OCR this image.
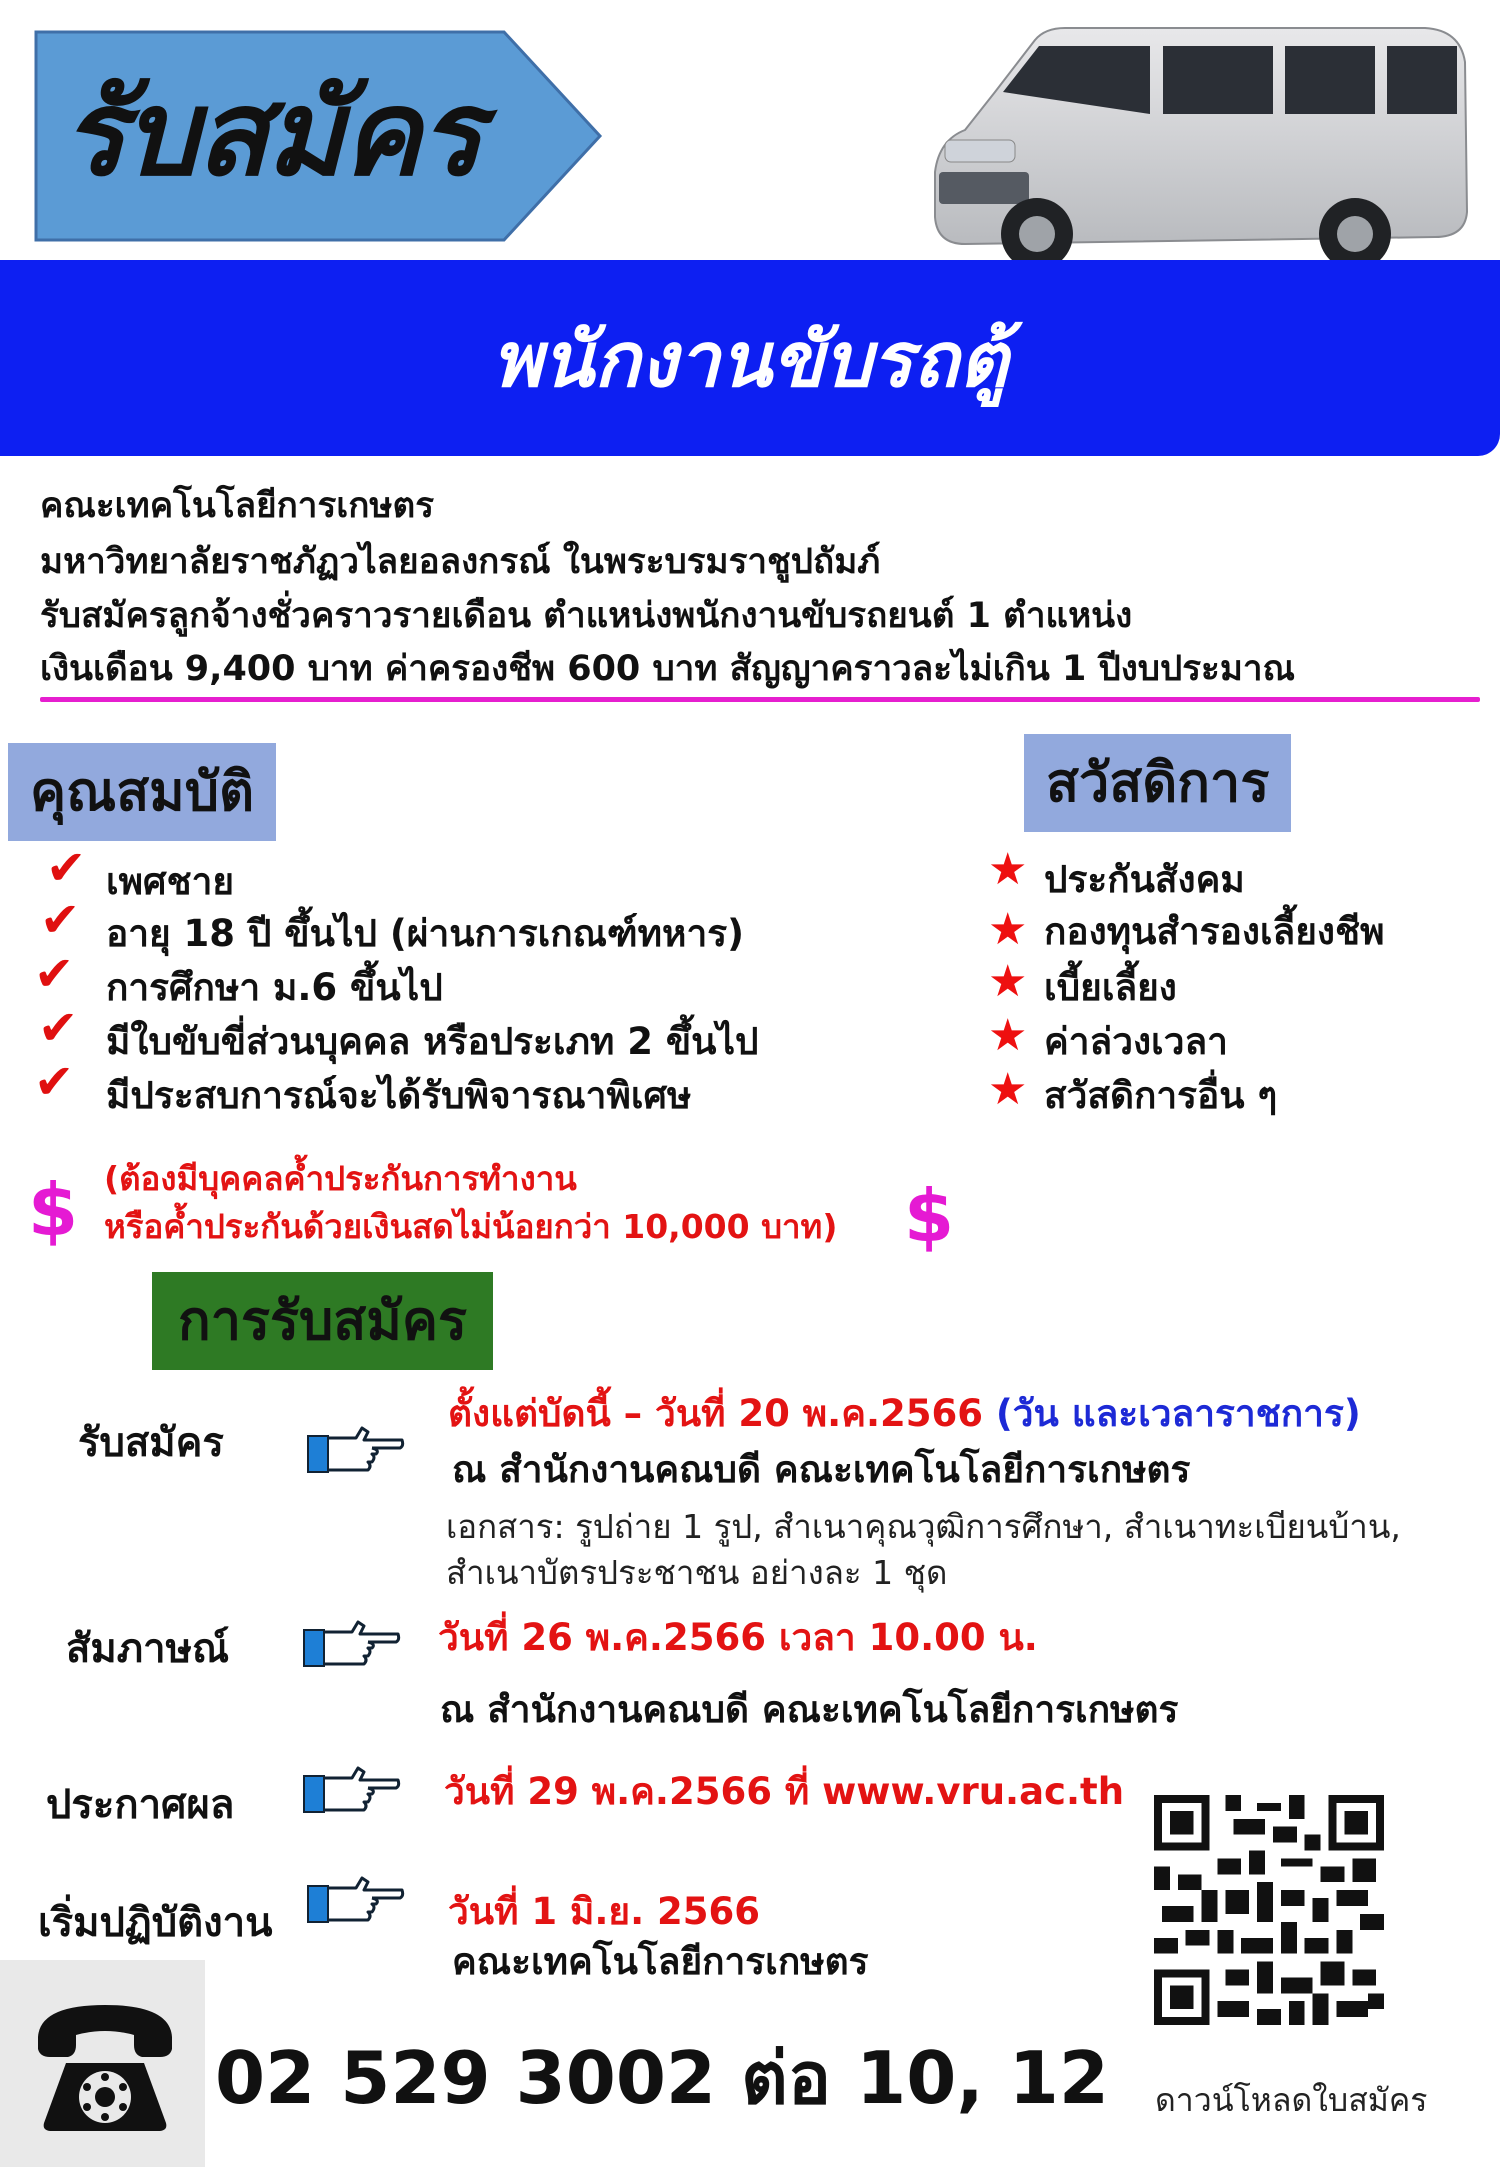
รับสมัคร
พนักงานขับรถตู้
คณะเทคโนโลยีการเกษตร
มหาวิทยาลัยราชภัฏวไลยอลงกรณ์ ในพระบรมราชูปถัมภ์
รับสมัครลูกจ้างชั่วคราวรายเดือน ตำแหน่งพนักงานขับรถยนต์ 1 ตำแหน่ง
เงินเดือน 9,400 บาท ค่าครองชีพ 600 บาท สัญญาคราวละไม่เกิน 1 ปีงบประมาณ
คุณสมบัติ
✔ เพศชาย
✔ อายุ 18 ปี ขึ้นไป (ผ่านการเกณฑ์ทหาร)
✔ การศึกษา ม.6 ขึ้นไป
✔ มีใบขับขี่ส่วนบุคคล หรือประเภท 2 ขึ้นไป
✔ มีประสบการณ์จะได้รับพิจารณาพิเศษ
สวัสดิการ
★ ประกันสังคม
★ กองทุนสำรองเลี้ยงชีพ
★ เบี้ยเลี้ยง
★ ค่าล่วงเวลา
★ สวัสดิการอื่น ๆ
$ (ต้องมีบุคคลค้ำประกันการทำงาน
หรือค้ำประกันด้วยเงินสดไม่น้อยกว่า 10,000 บาท) $
การรับสมัคร
รับสมัคร
ตั้งแต่บัดนี้ – วันที่ 20 พ.ค.2566 (วัน และเวลาราชการ)
ณ สำนักงานคณบดี คณะเทคโนโลยีการเกษตร
เอกสาร: รูปถ่าย 1 รูป, สำเนาคุณวุฒิการศึกษา, สำเนาทะเบียนบ้าน,
สำเนาบัตรประชาชน อย่างละ 1 ชุด
สัมภาษณ์	วันที่ 26 พ.ค.2566 เวลา 10.00 น.
ณ สำนักงานคณบดี คณะเทคโนโลยีการเกษตร
ประกาศผล	วันที่ 29 พ.ค.2566 ที่ www.vru.ac.th
เริ่มปฏิบัติงาน	วันที่ 1 มิ.ย. 2566
คณะเทคโนโลยีการเกษตร
ดาวน์โหลดใบสมัคร
02 529 3002 ต่อ 10, 12
